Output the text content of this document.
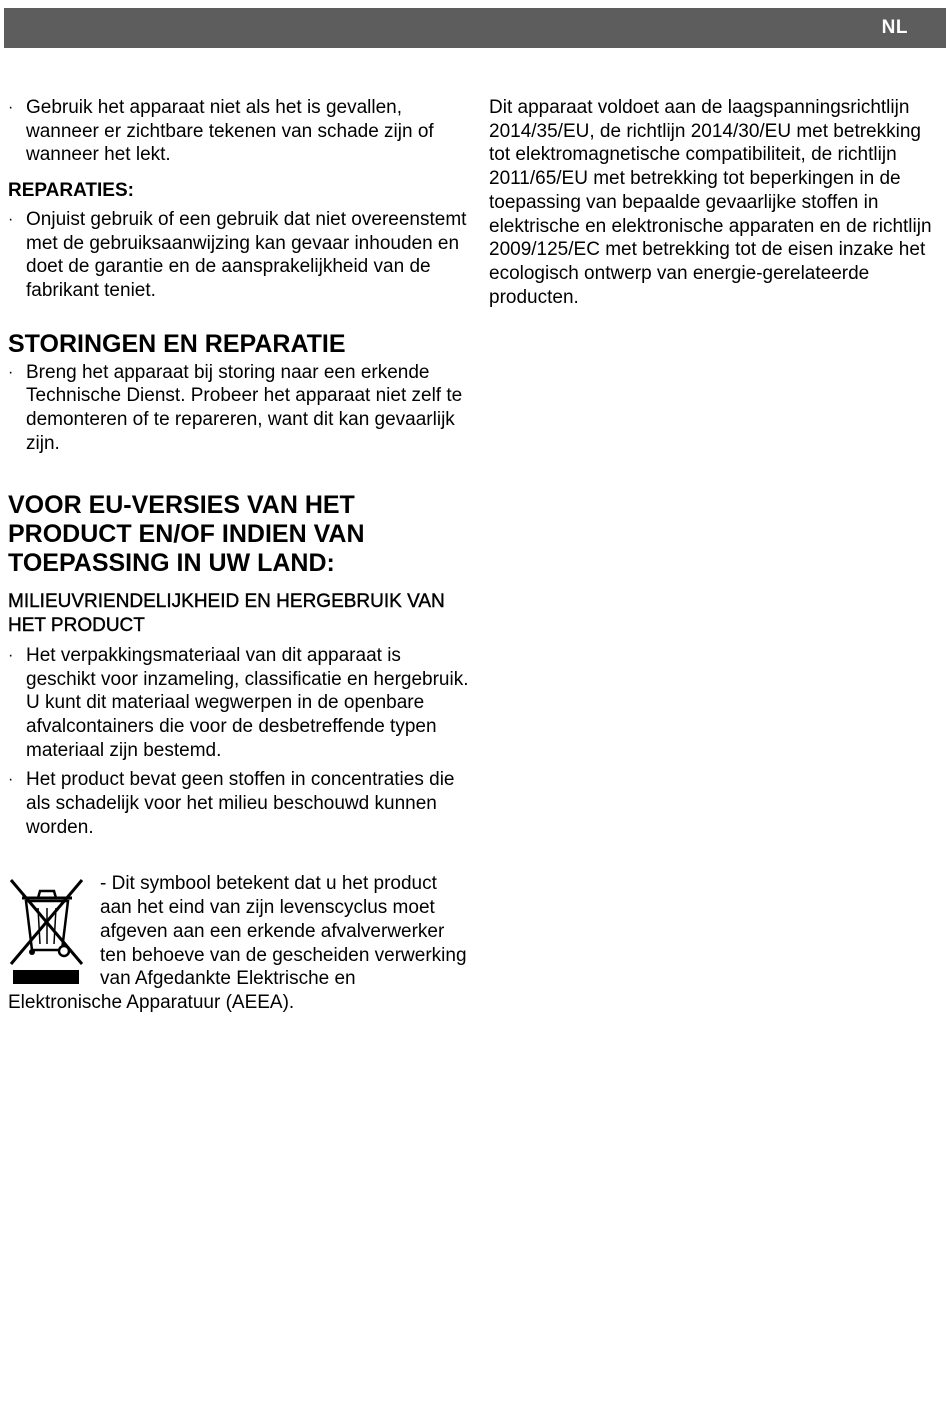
NL
· Gebruik het apparaat niet als het is gevallen, wanneer er zichtbare tekenen van schade zijn of wanneer het lekt.
REPARATIES:
· Onjuist gebruik of een gebruik dat niet overeenstemt met de gebruiksaanwijzing kan gevaar inhouden en doet de garantie en de aansprakelijkheid van de fabrikant teniet.
STORINGEN EN REPARATIE
· Breng het apparaat bij storing naar een erkende Technische Dienst. Probeer het apparaat niet zelf te demonteren of te repareren, want dit kan gevaarlijk zijn.
VOOR EU-VERSIES VAN HET PRODUCT EN/OF INDIEN VAN TOEPASSING IN UW LAND:
MILIEUVRIENDELIJKHEID EN HERGEBRUIK VAN HET PRODUCT
· Het verpakkingsmateriaal van dit apparaat is geschikt voor inzameling, classificatie en hergebruik. U kunt dit materiaal wegwerpen in de openbare afvalcontainers die voor de desbetreffende typen materiaal zijn bestemd.
· Het product bevat geen stoffen in concentraties die als schadelijk voor het milieu beschouwd kunnen worden.
- Dit symbool betekent dat u het product aan het eind van zijn levenscyclus moet afgeven aan een erkende afvalverwerker ten behoeve van de gescheiden verwerking van Afgedankte Elektrische en Elektronische Apparatuur (AEEA).
Dit apparaat voldoet aan de laagspanningsrichtlijn 2014/35/EU, de richtlijn 2014/30/EU met betrekking tot elektromagnetische compatibiliteit, de richtlijn 2011/65/EU met betrekking tot beperkingen in de toepassing van bepaalde gevaarlijke stoffen in elektrische en elektronische apparaten en de richtlijn 2009/125/EC met betrekking tot de eisen inzake het ecologisch ontwerp van energie-gerelateerde producten.
